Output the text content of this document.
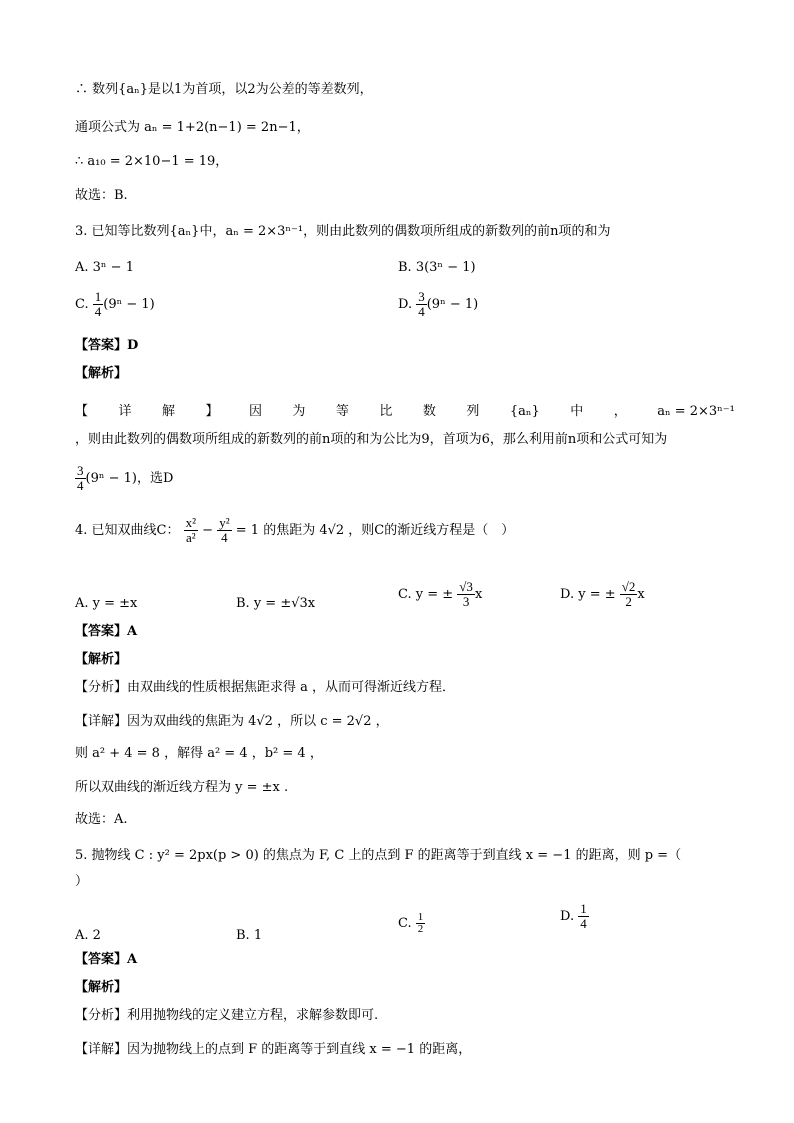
∴ 数列{aₙ}是以1为首项，以2为公差的等差数列，
通项公式为 aₙ = 1+2(n−1) = 2n−1，
∴ a₁₀ = 2×10−1 = 19，
故选：B.
3. 已知等比数列{aₙ}中，aₙ = 2×3ⁿ⁻¹，则由此数列的偶数项所组成的新数列的前n项的和为
A. 3ⁿ − 1	B. 3(3ⁿ − 1)
C. $\frac{1}{4} (9^n - 1)$	D. $\frac{3}{4} (9^n - 1)$
【答案】D
【解析】
【 详 解 】 因 为 等 比 数 列 {aₙ} 中 ， aₙ = 2×3ⁿ⁻¹
，则由此数列的偶数项所组成的新数列的前n项的和为公比为9，首项为6，那么利用前n项和公式可知为
$\frac{3}{4} (9^n - 1)$，选D
4. 已知双曲线C： $\frac{\text{x²}}{\text{a²}} - \frac{\text{y²}}{4} = 1$ 的焦距为 4√2 ，则C的渐近线方程是（　）
A. y = ±x	B. y = ±√3x
C. y = ± $\frac{√3}{3}$ x	D. y = ± $\frac{√2}{2}$ x
【答案】A
【解析】
【分析】由双曲线的性质根据焦距求得 a ，从而可得渐近线方程．
【详解】因为双曲线的焦距为 4√2 ，所以 c = 2√2 ，
则 a² + 4 = 8 ，解得 a² = 4 ，b² = 4 ，
所以双曲线的渐近线方程为 y = ±x .
故选：A.
5. 抛物线 C : y² = 2px(p > 0) 的焦点为 F, C 上的点到 F 的距离等于到直线 x = −1 的距离，则 p =（
）
A. 2	B. 1
C. $\frac{1}{2}$	D. $\frac{1}{4}$
【答案】A
【解析】
【分析】利用抛物线的定义建立方程，求解参数即可.
【详解】因为抛物线上的点到 F 的距离等于到直线 x = −1 的距离，
